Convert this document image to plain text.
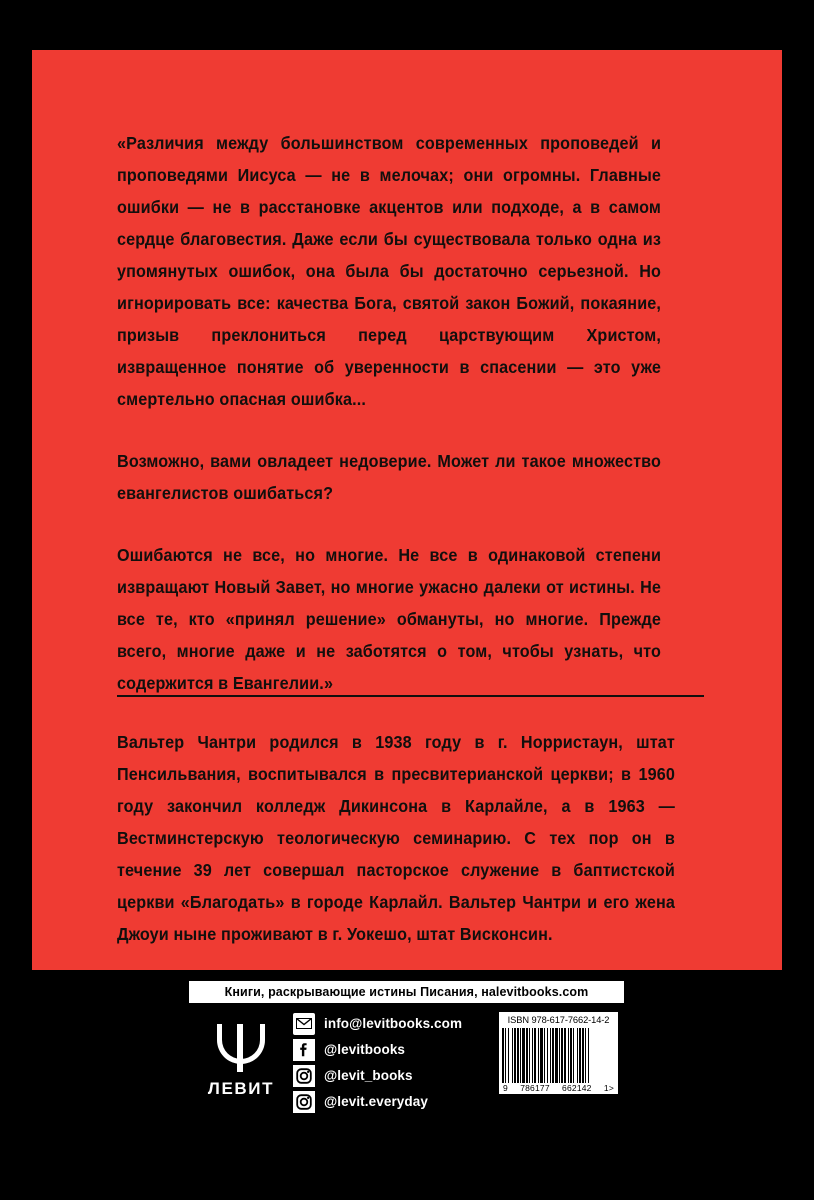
«Различия между большинством современных проповедей и проповедями Иисуса — не в мелочах; они огромны. Главные ошибки — не в расстановке акцентов или подходе, а в самом сердце благовестия. Даже если бы существовала только одна из упомянутых ошибок, она была бы достаточно серьезной. Но игнорировать все: качества Бога, святой закон Божий, покаяние, призыв преклониться перед царствующим Христом, извращенное понятие об уверенности в спасении — это уже смертельно опасная ошибка...

Возможно, вами овладеет недоверие. Может ли такое множество евангелистов ошибаться?

Ошибаются не все, но многие. Не все в одинаковой степени извращают Новый Завет, но многие ужасно далеки от истины. Не все те, кто «принял решение» обмануты, но многие. Прежде всего, многие даже и не заботятся о том, чтобы узнать, что содержится в Евангелии.»

Вальтер Чантри родился в 1938 году в г. Норристаун, штат Пенсильвания, воспитывался в пресвитерианской церкви; в 1960 году закончил колледж Дикинсона в Карлайле, а в 1963 — Вестминстерскую теологическую семинарию. С тех пор он в течение 39 лет совершал пасторское служение в баптистской церкви «Благодать» в городе Карлайл. Вальтер Чантри и его жена Джоуи ныне проживают в г. Уокешо, штат Висконсин.

Книги, раскрывающие истины Писания, на levitbooks.com
ЛЕВИТ
info@levitbooks.com
@levitbooks
@levit_books
@levit.everyday
ISBN 978-617-7662-14-2
9 786177 662142 1>
